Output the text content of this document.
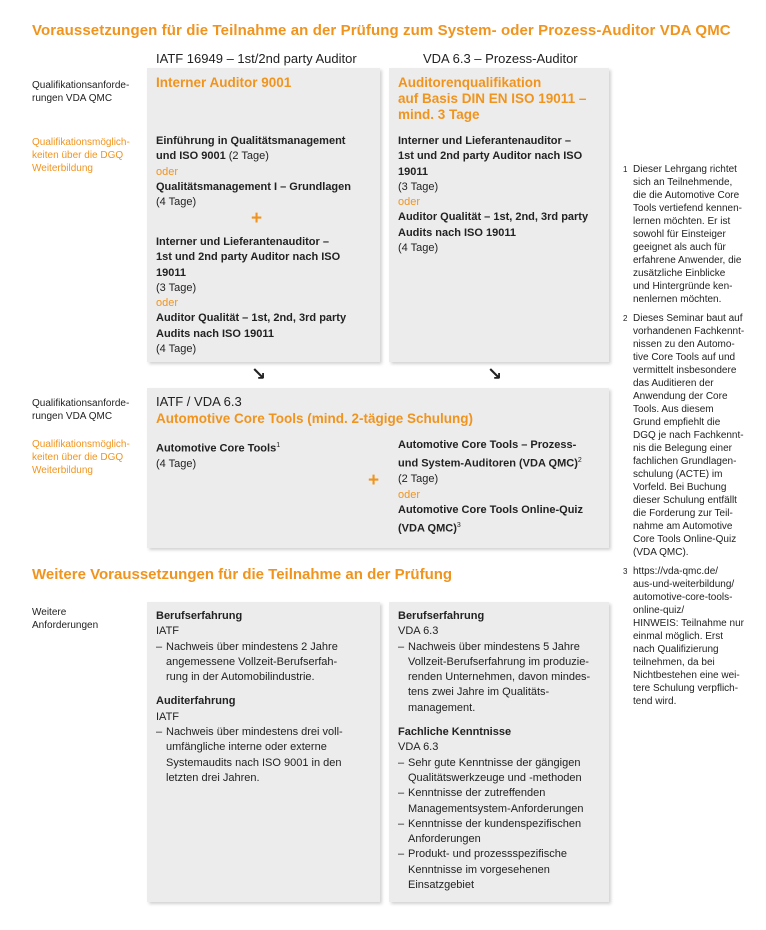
Voraussetzungen für die Teilnahme an der Prüfung zum System- oder Prozess-Auditor VDA QMC
IATF 16949 – 1st/2nd party Auditor	VDA 6.3 – Prozess-Auditor
Qualifikationsanforde-
rungen VDA QMC
Qualifikationsmöglich-
keiten über die DGQ
Weiterbildung
Qualifikationsanforde-
rungen VDA QMC
Qualifikationsmöglich-
keiten über die DGQ
Weiterbildung
Weitere
Anforderungen
Interner Auditor 9001
Einführung in Qualitätsmanagement
und ISO 9001 (2 Tage)
oder
Qualitätsmanagement I – Grundlagen
(4 Tage)
+
Interner und Lieferantenauditor –
1st und 2nd party Auditor nach ISO
19011
(3 Tage)
oder
Auditor Qualität – 1st, 2nd, 3rd party
Audits nach ISO 19011
(4 Tage)
Auditorenqualifikation
auf Basis DIN EN ISO 19011 –
mind. 3 Tage
Interner und Lieferantenauditor –
1st und 2nd party Auditor nach ISO
19011
(3 Tage)
oder
Auditor Qualität – 1st, 2nd, 3rd party
Audits nach ISO 19011
(4 Tage)
↘	↘
IATF / VDA 6.3
Automotive Core Tools (mind. 2-tägige Schulung)
Automotive Core Tools$^1$
(4 Tage)
+
Automotive Core Tools – Prozess-
und System-Auditoren (VDA QMC)$^2$
(2 Tage)
oder
Automotive Core Tools Online-Quiz
(VDA QMC)$^3$
Weitere Voraussetzungen für die Teilnahme an der Prüfung
Berufserfahrung
IATF
– Nachweis über mindestens 2 Jahre
angemessene Vollzeit-Berufserfah-
rung in der Automobilindustrie.
Auditerfahrung
IATF
– Nachweis über mindestens drei voll-
umfängliche interne oder externe
Systemaudits nach ISO 9001 in den
letzten drei Jahren.
Berufserfahrung
VDA 6.3
– Nachweis über mindestens 5 Jahre
Vollzeit-Berufserfahrung im produzie-
renden Unternehmen, davon mindes-
tens zwei Jahre im Qualitäts-
management.
Fachliche Kenntnisse
VDA 6.3
– Sehr gute Kenntnisse der gängigen
Qualitätswerkzeuge und -methoden
– Kenntnisse der zutreffenden
Managementsystem-Anforderungen
– Kenntnisse der kundenspezifischen
Anforderungen
– Produkt- und prozessspezifische
Kenntnisse im vorgesehenen
Einsatzgebiet
1 Dieser Lehrgang richtet
sich an Teilnehmende,
die die Automotive Core
Tools vertiefend kennen-
lernen möchten. Er ist
sowohl für Einsteiger
geeignet als auch für
erfahrene Anwender, die
zusätzliche Einblicke
und Hintergründe ken-
nenlernen möchten.
2 Dieses Seminar baut auf
vorhandenen Fachkennt-
nissen zu den Automo-
tive Core Tools auf und
vermittelt insbesondere
das Auditieren der
Anwendung der Core
Tools. Aus diesem
Grund empfiehlt die
DGQ je nach Fachkennt-
nis die Belegung einer
fachlichen Grundlagen-
schulung (ACTE) im
Vorfeld. Bei Buchung
dieser Schulung entfällt
die Forderung zur Teil-
nahme am Automotive
Core Tools Online-Quiz
(VDA QMC).
3 https://vda-qmc.de/
aus-und-weiterbildung/
automotive-core-tools-
online-quiz/
HINWEIS: Teilnahme nur
einmal möglich. Erst
nach Qualifizierung
teilnehmen, da bei
Nichtbestehen eine wei-
tere Schulung verpflich-
tend wird.
